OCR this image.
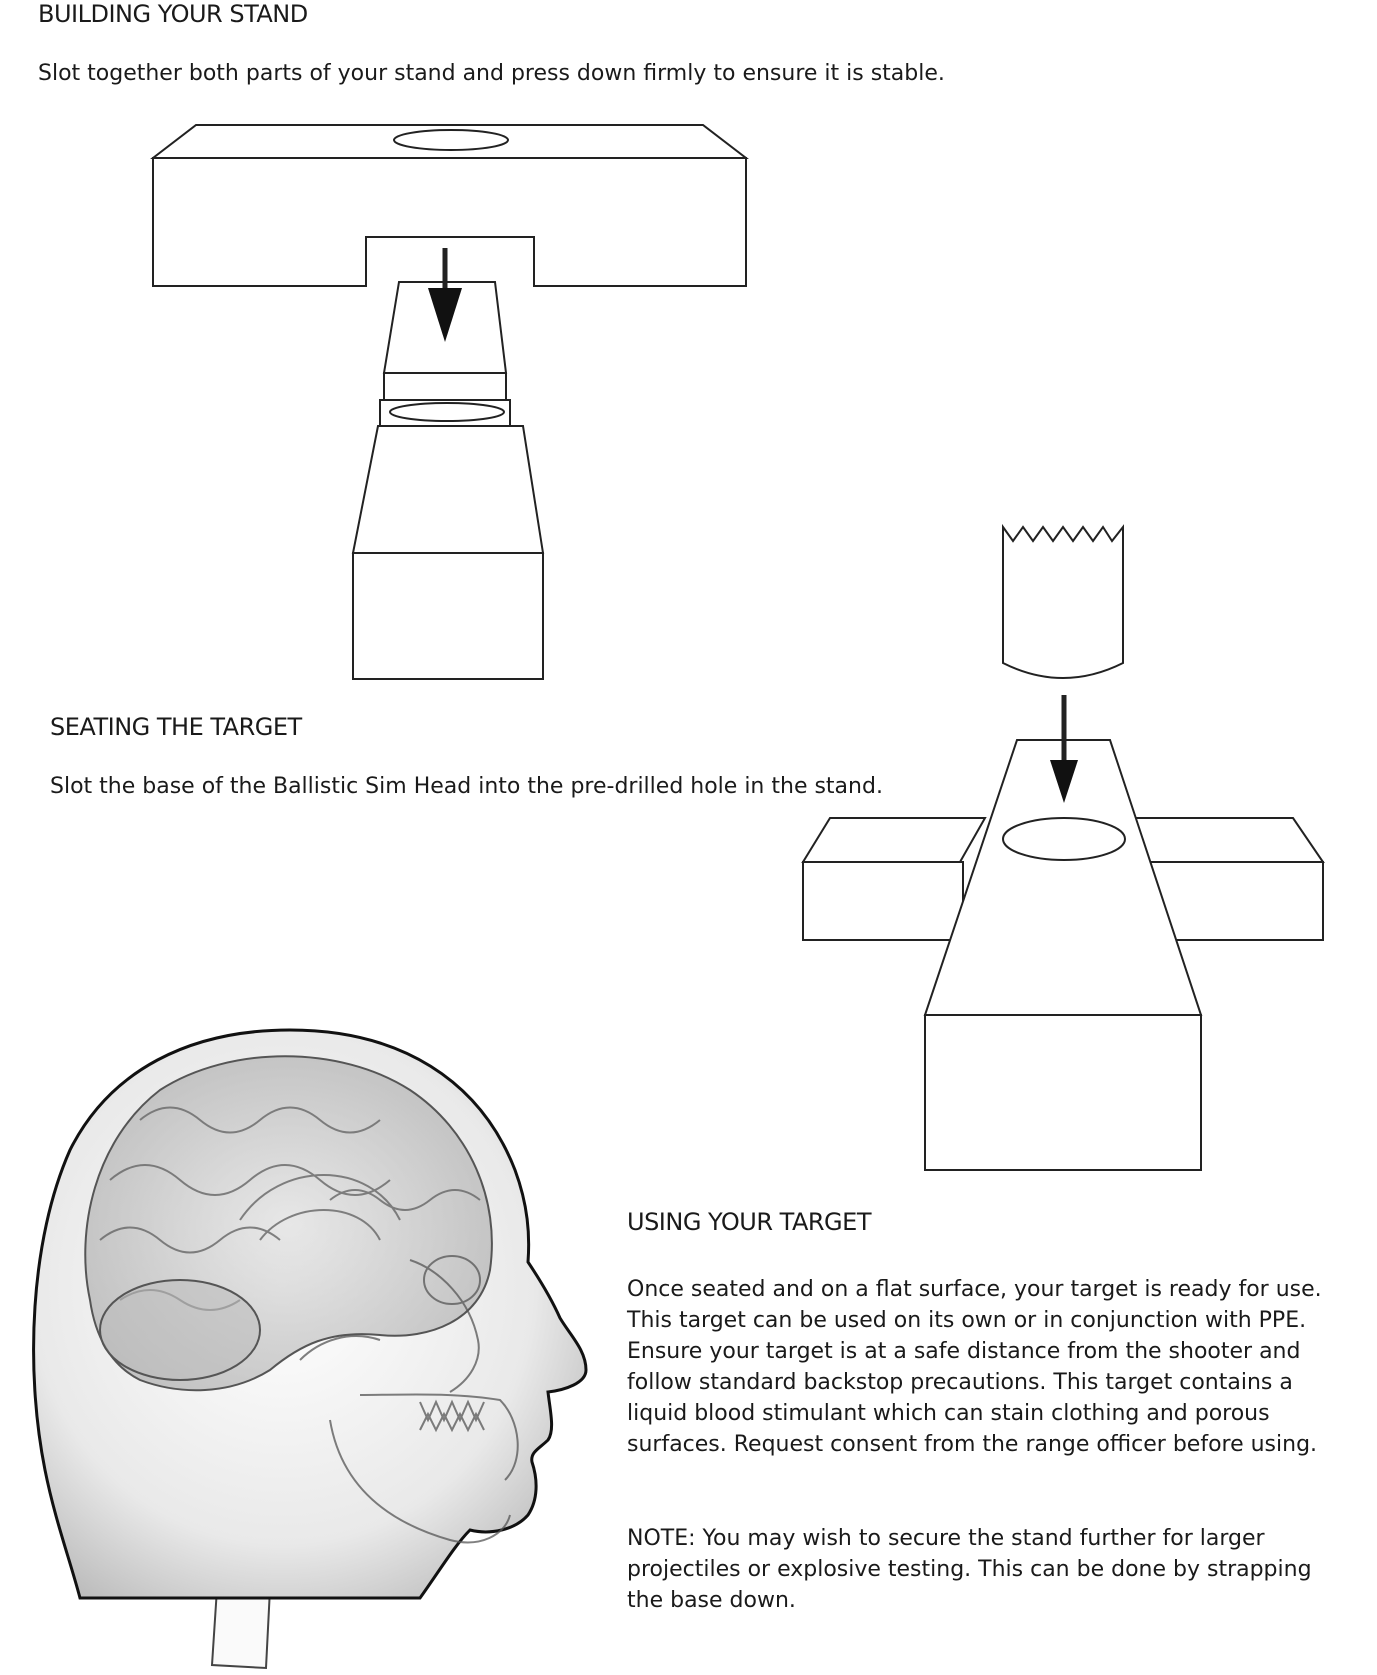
BUILDING YOUR STAND

Slot together both parts of your stand and press down firmly to ensure it is stable.

SEATING THE TARGET

Slot the base of the Ballistic Sim Head into the pre-drilled hole in the stand.

USING YOUR TARGET

Once seated and on a flat surface, your target is ready for use. This target can be used on its own or in conjunction with PPE. Ensure your target is at a safe distance from the shooter and follow standard backstop precautions. This target contains a liquid blood stimulant which can stain clothing and porous surfaces. Request consent from the range officer before using.

NOTE: You may wish to secure the stand further for larger projectiles or explosive testing. This can be done by strapping the base down.
